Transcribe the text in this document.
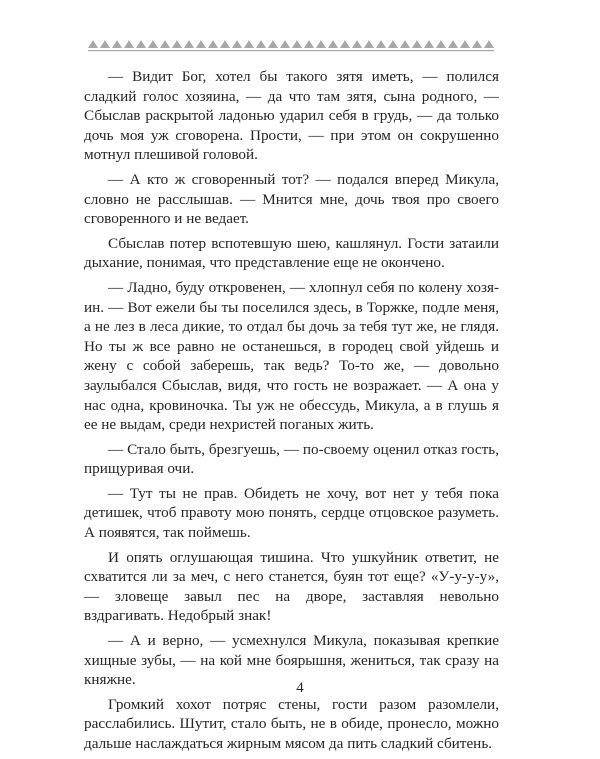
— Видит Бог, хотел бы такого зятя иметь, — полился сладкий голос хозяина, — да что там зятя, сына родного, — Сбыслав раскрытой ладонью ударил себя в грудь, — да только дочь моя уж сговорена. Прости, — при этом он сокрушенно мотнул плешивой головой.

— А кто ж сговоренный тот? — подался вперед Микула, словно не расслышав. — Мнится мне, дочь твоя про своего сговоренного и не ведает.

Сбыслав потер вспотевшую шею, кашлянул. Гости затаили дыхание, понимая, что представление еще не окончено.

— Ладно, буду откровенен, — хлопнул себя по колену хозяин. — Вот ежели бы ты поселился здесь, в Торжке, подле меня, а не лез в леса дикие, то отдал бы дочь за тебя тут же, не глядя. Но ты ж все равно не останешься, в городец свой уйдешь и жену с собой заберешь, так ведь? То-то же, — довольно заулыбался Сбыслав, видя, что гость не возражает. — А она у нас одна, кровиночка. Ты уж не обессудь, Микула, а в глушь я ее не выдам, среди нехристей поганых жить.

— Стало быть, брезгуешь, — по-своему оценил отказ гость, прищуривая очи.

— Тут ты не прав. Обидеть не хочу, вот нет у тебя пока детишек, чтоб правоту мою понять, сердце отцовское разуметь. А появятся, так поймешь.

И опять оглушающая тишина. Что ушкуйник ответит, не схватится ли за меч, с него станется, буян тот еще? «У-у-у-у», — зловеще завыл пес на дворе, заставляя невольно вздрагивать. Недобрый знак!

— А и верно, — усмехнулся Микула, показывая крепкие хищные зубы, — на кой мне боярышня, жениться, так сразу на княжне.

Громкий хохот потряс стены, гости разом разомлели, расслабились. Шутит, стало быть, не в обиде, пронесло, можно дальше наслаждаться жирным мясом да пить сладкий сбитень.

4
